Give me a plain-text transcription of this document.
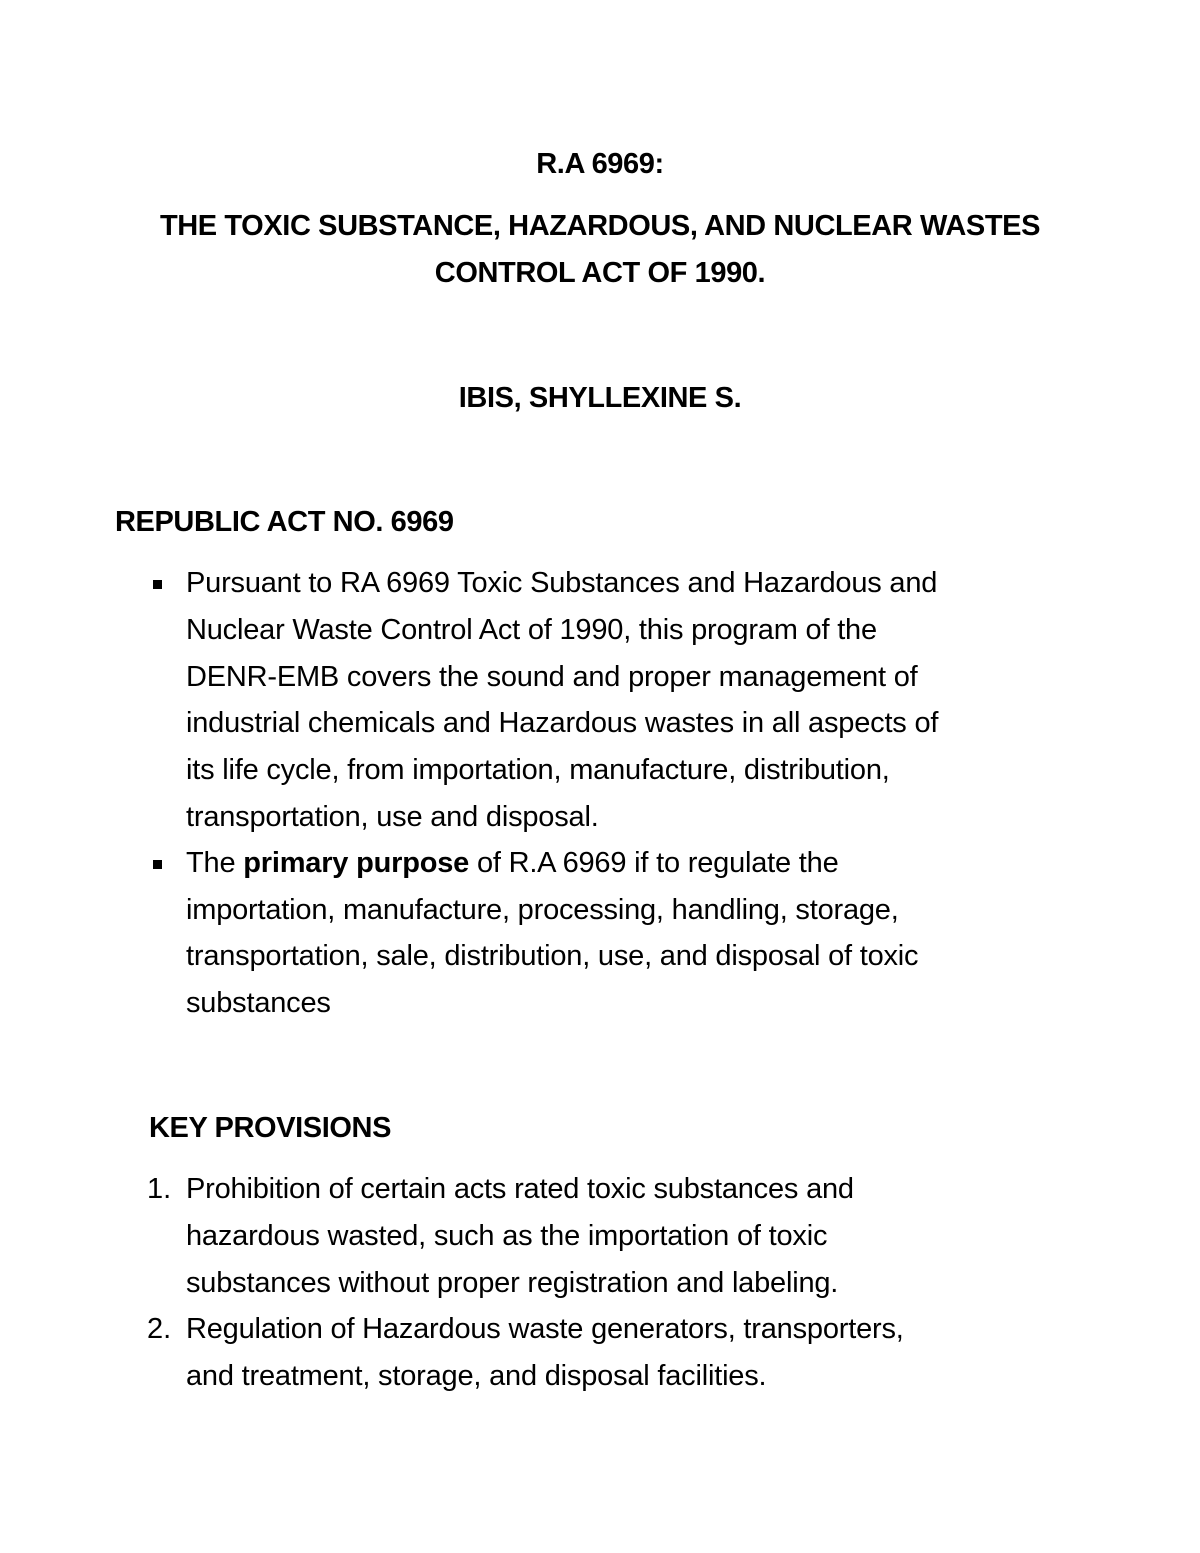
R.A 6969:
THE TOXIC SUBSTANCE, HAZARDOUS, AND NUCLEAR WASTES
CONTROL ACT OF 1990.
IBIS, SHYLLEXINE S.
REPUBLIC ACT NO. 6969
Pursuant to RA 6969 Toxic Substances and Hazardous and
Nuclear Waste Control Act of 1990, this program of the
DENR-EMB covers the sound and proper management of
industrial chemicals and Hazardous wastes in all aspects of
its life cycle, from importation, manufacture, distribution,
transportation, use and disposal.
The primary purpose of R.A 6969 if to regulate the
importation, manufacture, processing, handling, storage,
transportation, sale, distribution, use, and disposal of toxic
substances
KEY PROVISIONS
1. Prohibition of certain acts rated toxic substances and
hazardous wasted, such as the importation of toxic
substances without proper registration and labeling.
2. Regulation of Hazardous waste generators, transporters,
and treatment, storage, and disposal facilities.
